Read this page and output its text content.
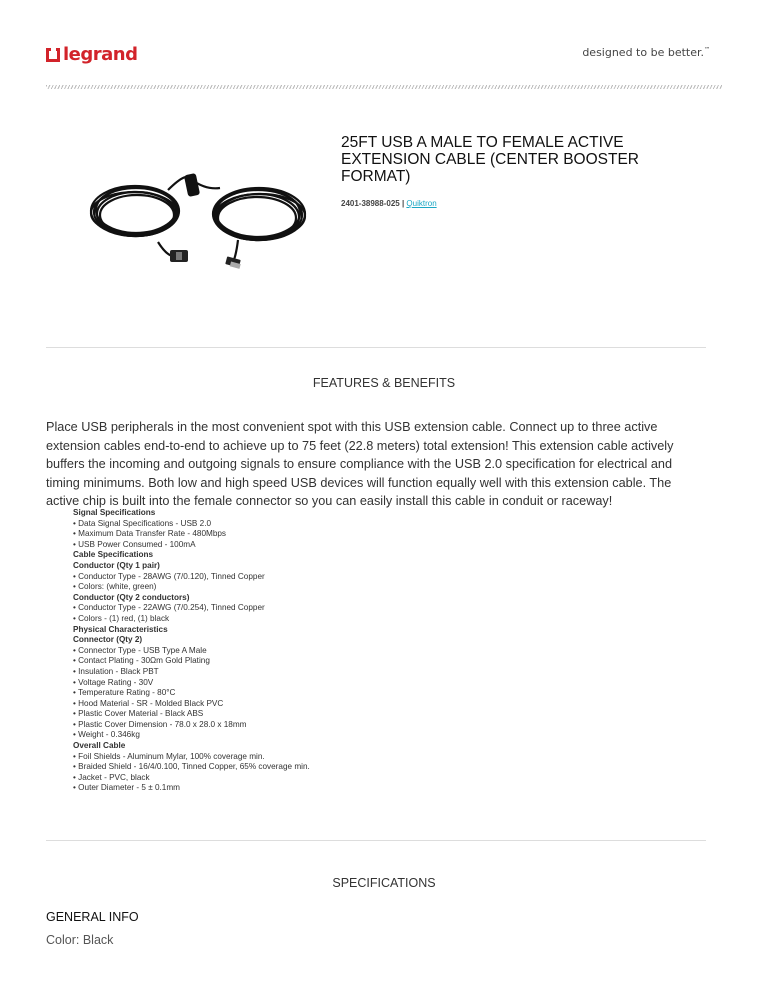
legrand	designed to be better.™
25FT USB A MALE TO FEMALE ACTIVE EXTENSION CABLE (CENTER BOOSTER FORMAT)
2401-38988-025 | Quiktron
FEATURES & BENEFITS

Place USB peripherals in the most convenient spot with this USB extension cable. Connect up to three active extension cables end-to-end to achieve up to 75 feet (22.8 meters) total extension! This extension cable actively buffers the incoming and outgoing signals to ensure compliance with the USB 2.0 specification for electrical and timing minimums. Both low and high speed USB devices will function equally well with this extension cable. The active chip is built into the female connector so you can easily install this cable in conduit or raceway!

Signal Specifications
• Data Signal Specifications - USB 2.0
• Maximum Data Transfer Rate - 480Mbps
• USB Power Consumed - 100mA
Cable Specifications
Conductor (Qty 1 pair)
• Conductor Type - 28AWG (7/0.120), Tinned Copper
• Colors: (white, green)
Conductor (Qty 2 conductors)
• Conductor Type - 22AWG (7/0.254), Tinned Copper
• Colors - (1) red, (1) black
Physical Characteristics
Connector (Qty 2)
• Connector Type - USB Type A Male
• Contact Plating - 30Ωm Gold Plating
• Insulation - Black PBT
• Voltage Rating - 30V
• Temperature Rating - 80°C
• Hood Material - SR - Molded Black PVC
• Plastic Cover Material - Black ABS
• Plastic Cover Dimension - 78.0 x 28.0 x 18mm
• Weight - 0.346kg
Overall Cable
• Foil Shields - Aluminum Mylar, 100% coverage min.
• Braided Shield - 16/4/0.100, Tinned Copper, 65% coverage min.
• Jacket - PVC, black
• Outer Diameter - 5 ± 0.1mm
SPECIFICATIONS
GENERAL INFO
Color: Black
